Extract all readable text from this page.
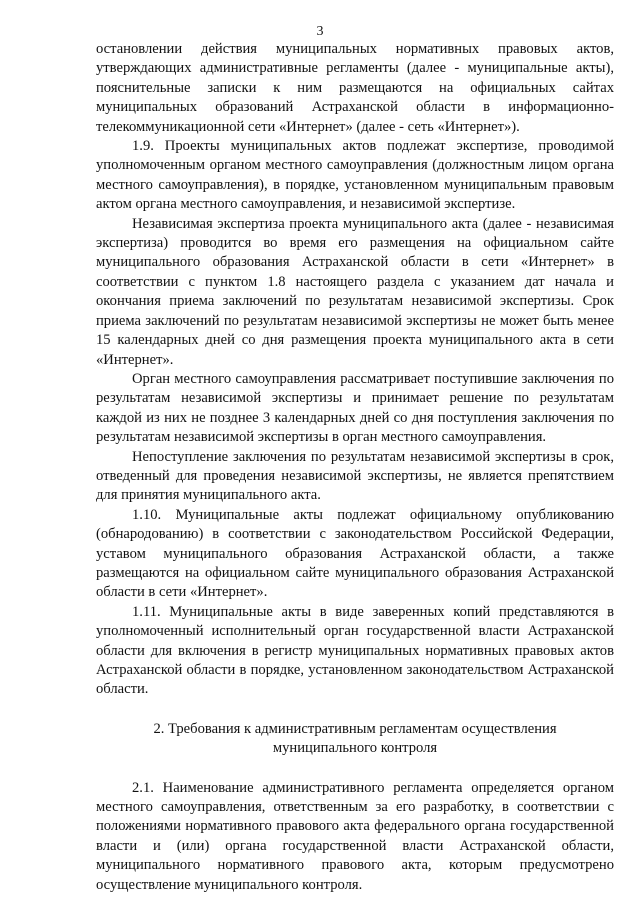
3

остановлении действия муниципальных нормативных правовых актов, утверждающих административные регламенты (далее - муниципальные акты), пояснительные записки к ним размещаются на официальных сайтах муниципальных образований Астраханской области в информационно-телекоммуникационной сети «Интернет» (далее - сеть «Интернет»).

1.9. Проекты муниципальных актов подлежат экспертизе, проводимой уполномоченным органом местного самоуправления (должностным лицом органа местного самоуправления), в порядке, установленном муниципальным правовым актом органа местного самоуправления, и независимой экспертизе.

Независимая экспертиза проекта муниципального акта (далее - независимая экспертиза) проводится во время его размещения на официальном сайте муниципального образования Астраханской области в сети «Интернет» в соответствии с пунктом 1.8 настоящего раздела с указанием дат начала и окончания приема заключений по результатам независимой экспертизы. Срок приема заключений по результатам независимой экспертизы не может быть менее 15 календарных дней со дня размещения проекта муниципального акта в сети «Интернет».

Орган местного самоуправления рассматривает поступившие заключения по результатам независимой экспертизы и принимает решение по результатам каждой из них не позднее 3 календарных дней со дня поступления заключения по результатам независимой экспертизы в орган местного самоуправления.

Непоступление заключения по результатам независимой экспертизы в срок, отведенный для проведения независимой экспертизы, не является препятствием для принятия муниципального акта.

1.10. Муниципальные акты подлежат официальному опубликованию (обнародованию) в соответствии с законодательством Российской Федерации, уставом муниципального образования Астраханской области, а также размещаются на официальном сайте муниципального образования Астраханской области в сети «Интернет».

1.11. Муниципальные акты в виде заверенных копий представляются в уполномоченный исполнительный орган государственной власти Астраханской области для включения в регистр муниципальных нормативных правовых актов Астраханской области в порядке, установленном законодательством Астраханской области.

2. Требования к административным регламентам осуществления
муниципального контроля

2.1. Наименование административного регламента определяется органом местного самоуправления, ответственным за его разработку, в соответствии с положениями нормативного правового акта федерального органа государственной власти и (или) органа государственной власти Астраханской области, муниципального нормативного правового акта, которым предусмотрено осуществление муниципального контроля.
